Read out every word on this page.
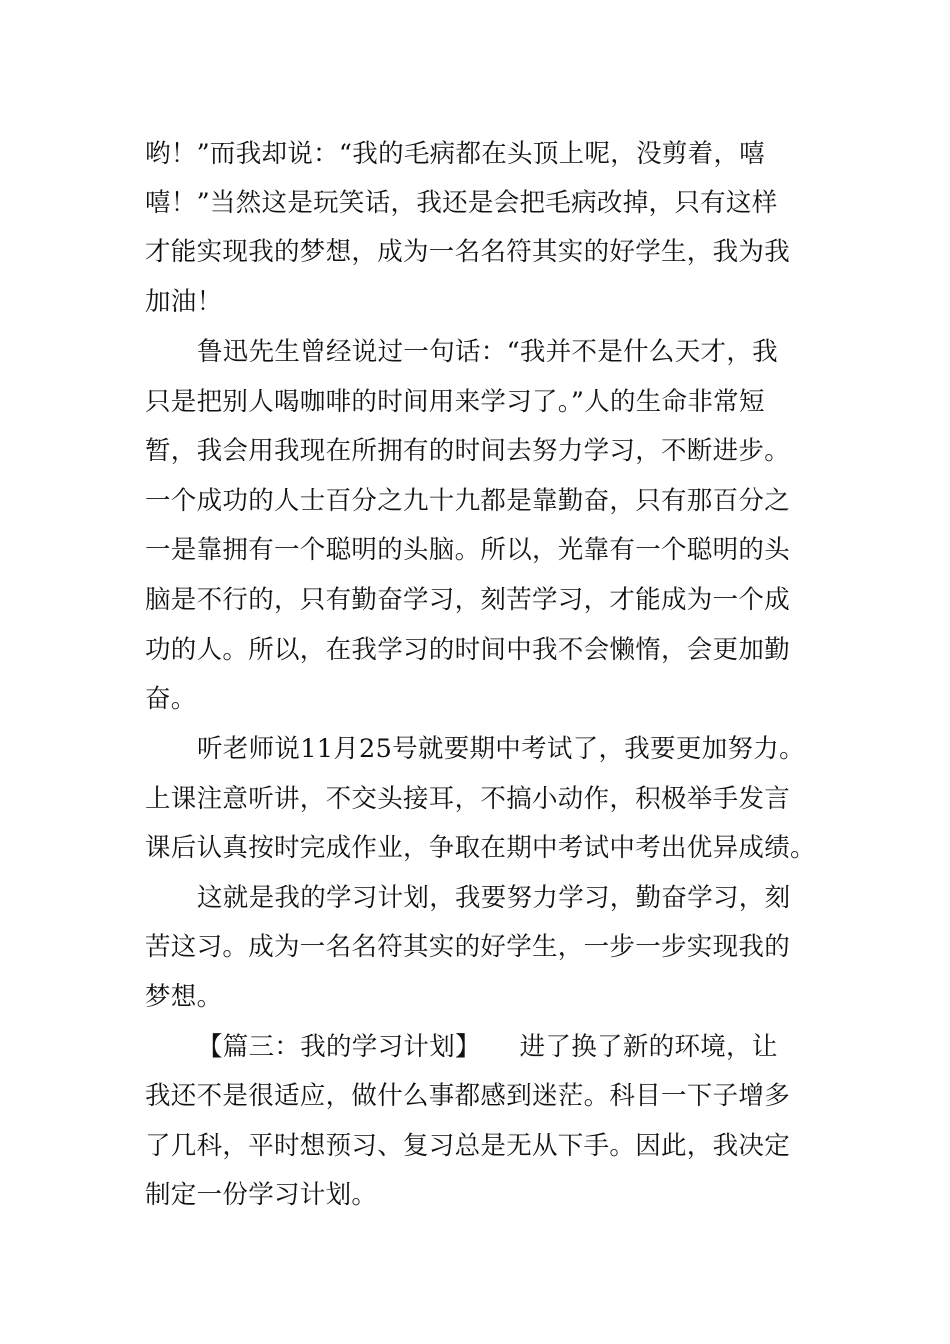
哟！”而我却说：“我的毛病都在头顶上呢，没剪着，嘻
嘻！”当然这是玩笑话，我还是会把毛病改掉，只有这样
才能实现我的梦想，成为一名名符其实的好学生，我为我
加油！
鲁迅先生曾经说过一句话：“我并不是什么天才，我
只是把别人喝咖啡的时间用来学习了。”人的生命非常短
暂，我会用我现在所拥有的时间去努力学习，不断进步。
一个成功的人士百分之九十九都是靠勤奋，只有那百分之
一是靠拥有一个聪明的头脑。所以，光靠有一个聪明的头
脑是不行的，只有勤奋学习，刻苦学习，才能成为一个成
功的人。所以，在我学习的时间中我不会懒惰，会更加勤
奋。
听老师说11月25号就要期中考试了，我要更加努力。
上课注意听讲，不交头接耳，不搞小动作，积极举手发言
课后认真按时完成作业，争取在期中考试中考出优异成绩。
这就是我的学习计划，我要努力学习，勤奋学习，刻
苦这习。成为一名名符其实的好学生，一步一步实现我的
梦想。
【篇三：我的学习计划】　　进了换了新的环境，让
我还不是很适应，做什么事都感到迷茫。科目一下子增多
了几科，平时想预习、复习总是无从下手。因此，我决定
制定一份学习计划。
